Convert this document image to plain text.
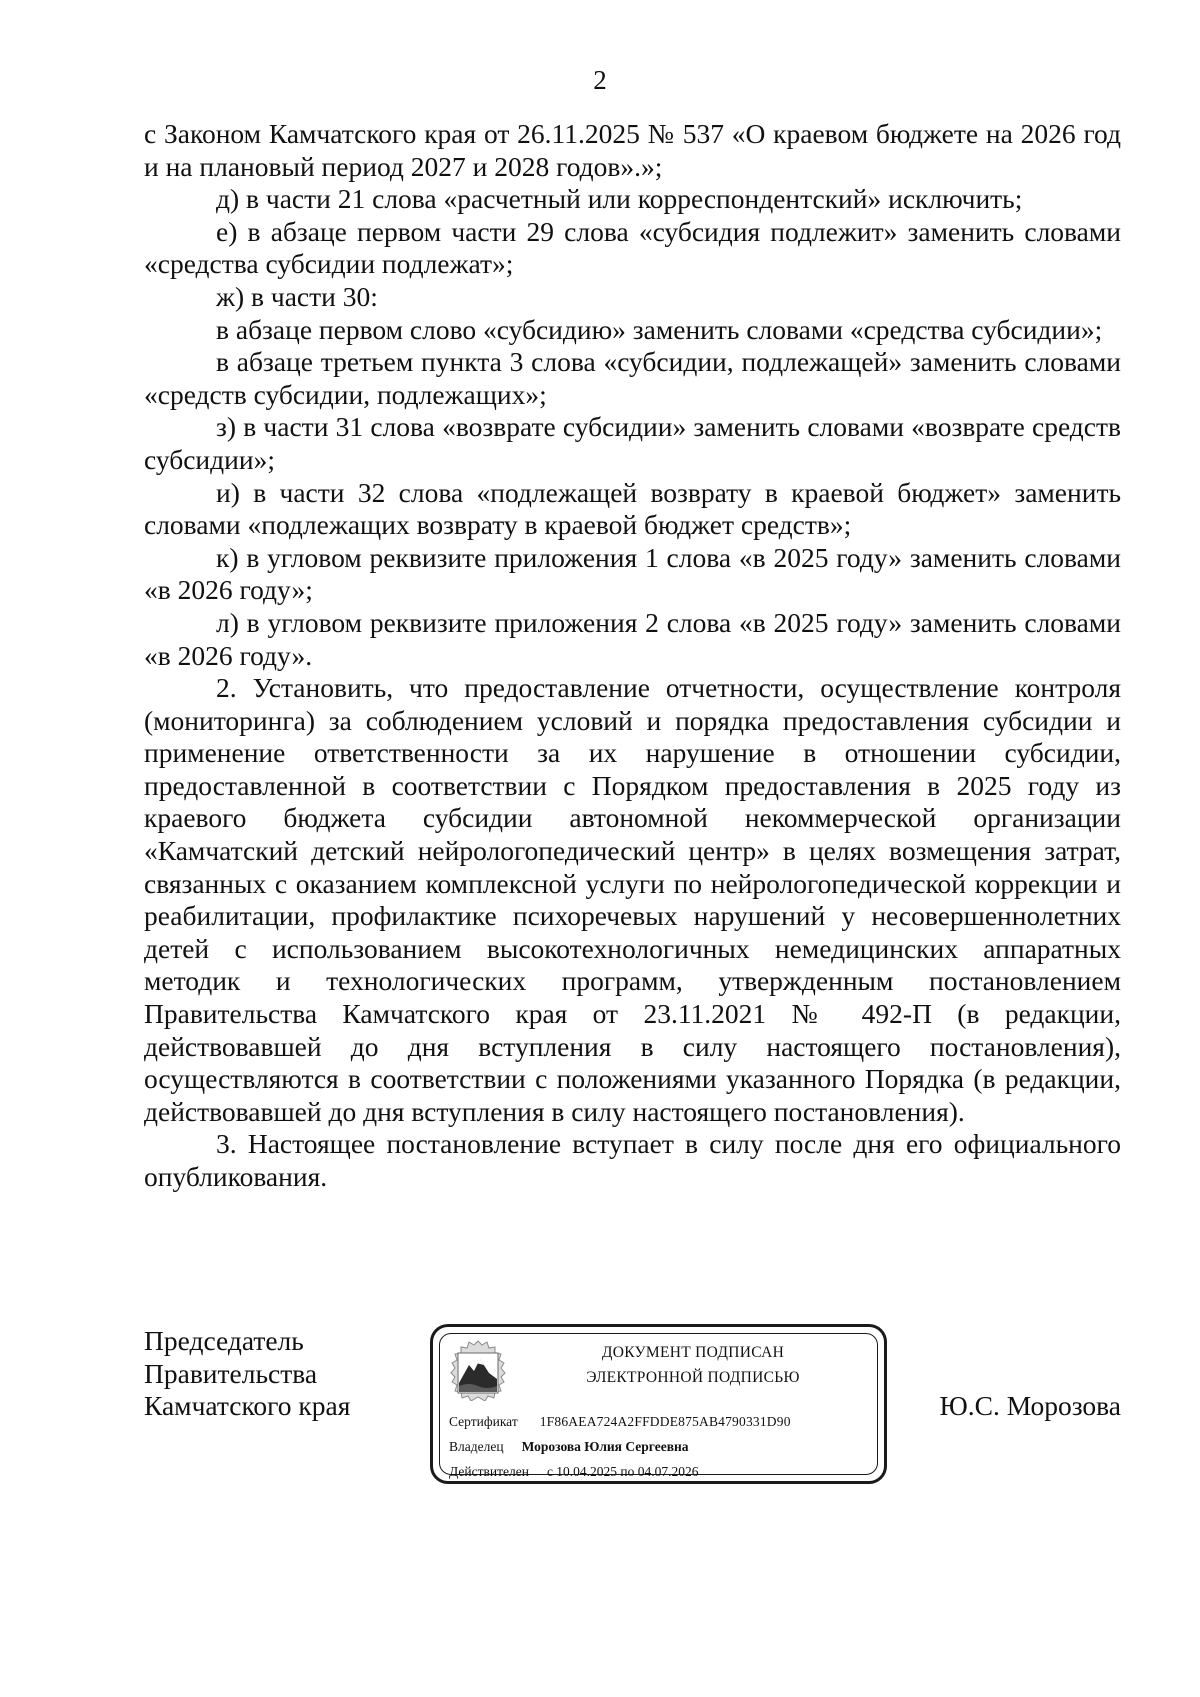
2

с Законом Камчатского края от 26.11.2025 № 537 «О краевом бюджете на 2026 год и на плановый период 2027 и 2028 годов».»;

д) в части 21 слова «расчетный или корреспондентский» исключить;

е) в абзаце первом части 29 слова «субсидия подлежит» заменить словами «средства субсидии подлежат»;

ж) в части 30:

в абзаце первом слово «субсидию» заменить словами «средства субсидии»;

в абзаце третьем пункта 3 слова «субсидии, подлежащей» заменить словами «средств субсидии, подлежащих»;

з) в части 31 слова «возврате субсидии» заменить словами «возврате средств субсидии»;

и) в части 32 слова «подлежащей возврату в краевой бюджет» заменить словами «подлежащих возврату в краевой бюджет средств»;

к) в угловом реквизите приложения 1 слова «в 2025 году» заменить словами «в 2026 году»;

л) в угловом реквизите приложения 2 слова «в 2025 году» заменить словами «в 2026 году».

2. Установить, что предоставление отчетности, осуществление контроля (мониторинга) за соблюдением условий и порядка предоставления субсидии и применение ответственности за их нарушение в отношении субсидии, предоставленной в соответствии с Порядком предоставления в 2025 году из краевого бюджета субсидии автономной некоммерческой организации «Камчатский детский нейрологопедический центр» в целях возмещения затрат, связанных с оказанием комплексной услуги по нейрологопедической коррекции и реабилитации, профилактике психоречевых нарушений у несовершеннолетних детей с использованием высокотехнологичных немедицинских аппаратных методик и технологических программ, утвержденным постановлением Правительства Камчатского края от 23.11.2021 № 492-П (в редакции, действовавшей до дня вступления в силу настоящего постановления), осуществляются в соответствии с положениями указанного Порядка (в редакции, действовавшей до дня вступления в силу настоящего постановления).

3. Настоящее постановление вступает в силу после дня его официального опубликования.

Председатель
Правительства
Камчатского края
ДОКУМЕНТ ПОДПИСАН
ЭЛЕКТРОННОЙ ПОДПИСЬЮ
Сертификат 1F86AEA724A2FFDDE875AB4790331D90
Владелец Морозова Юлия Сергеевна
Действителен с 10.04.2025 по 04.07.2026
Ю.С. Морозова
